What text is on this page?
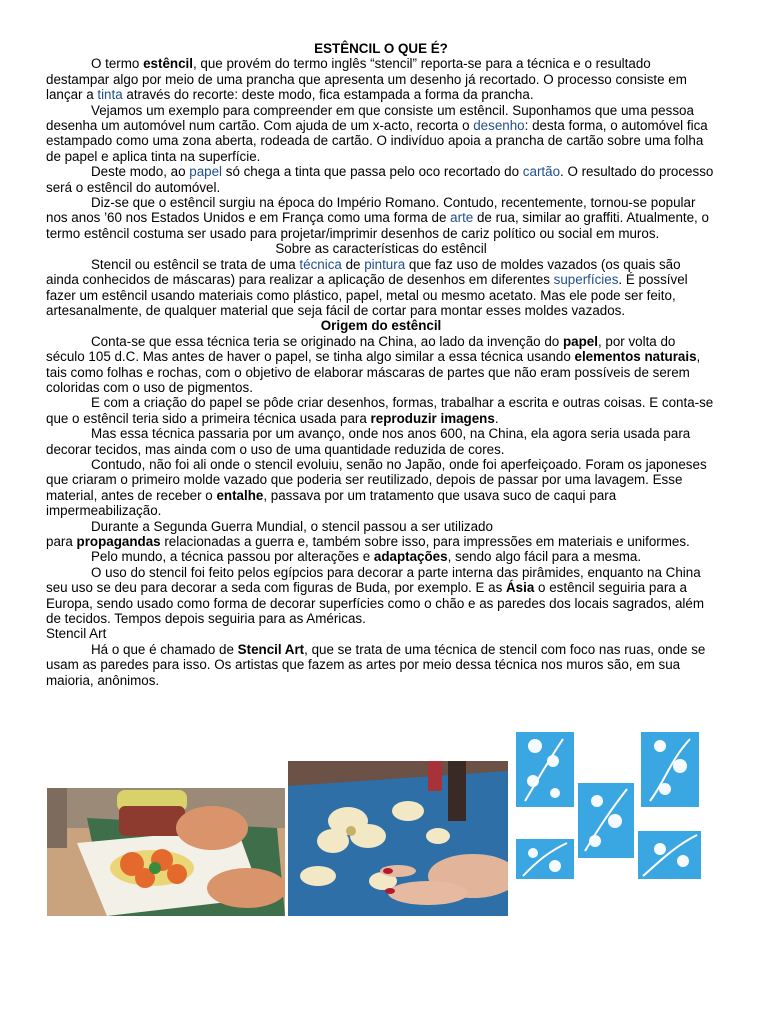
ESTÊNCIL O QUE É?

O termo estêncil, que provém do termo inglês “stencil” reporta-se para a técnica e o resultado destampar algo por meio de uma prancha que apresenta um desenho já recortado. O processo consiste em lançar a tinta através do recorte: deste modo, fica estampada a forma da prancha.

Vejamos um exemplo para compreender em que consiste um estêncil. Suponhamos que uma pessoa desenha um automóvel num cartão. Com ajuda de um x-acto, recorta o desenho: desta forma, o automóvel fica estampado como uma zona aberta, rodeada de cartão. O indivíduo apoia a prancha de cartão sobre uma folha de papel e aplica tinta na superfície.

Deste modo, ao papel só chega a tinta que passa pelo oco recortado do cartão. O resultado do processo será o estêncil do automóvel.

Diz-se que o estêncil surgiu na época do Império Romano. Contudo, recentemente, tornou-se popular nos anos ’60 nos Estados Unidos e em França como uma forma de arte de rua, similar ao graffiti. Atualmente, o termo estêncil costuma ser usado para projetar/imprimir desenhos de cariz político ou social em muros.

Sobre as características do estêncil

Stencil ou estêncil se trata de uma técnica de pintura que faz uso de moldes vazados (os quais são ainda conhecidos de máscaras) para realizar a aplicação de desenhos em diferentes superfícies. É possível fazer um estêncil usando materiais como plástico, papel, metal ou mesmo acetato. Mas ele pode ser feito, artesanalmente, de qualquer material que seja fácil de cortar para montar esses moldes vazados.

Origem do estêncil

Conta-se que essa técnica teria se originado na China, ao lado da invenção do papel, por volta do século 105 d.C. Mas antes de haver o papel, se tinha algo similar a essa técnica usando elementos naturais, tais como folhas e rochas, com o objetivo de elaborar máscaras de partes que não eram possíveis de serem coloridas com o uso de pigmentos.

E com a criação do papel se pôde criar desenhos, formas, trabalhar a escrita e outras coisas. E conta-se que o estêncil teria sido a primeira técnica usada para reproduzir imagens.

Mas essa técnica passaria por um avanço, onde nos anos 600, na China, ela agora seria usada para decorar tecidos, mas ainda com o uso de uma quantidade reduzida de cores.

Contudo, não foi ali onde o stencil evoluiu, senão no Japão, onde foi aperfeiçoado. Foram os japoneses que criaram o primeiro molde vazado que poderia ser reutilizado, depois de passar por uma lavagem. Esse material, antes de receber o entalhe, passava por um tratamento que usava suco de caqui para impermeabilização.

Durante a Segunda Guerra Mundial, o stencil passou a ser utilizado

para propagandas relacionadas a guerra e, também sobre isso, para impressões em materiais e uniformes.

Pelo mundo, a técnica passou por alterações e adaptações, sendo algo fácil para a mesma.

O uso do stencil foi feito pelos egípcios para decorar a parte interna das pirâmides, enquanto na China seu uso se deu para decorar a seda com figuras de Buda, por exemplo. E as Ásia o estêncil seguiria para a Europa, sendo usado como forma de decorar superfícies como o chão e as paredes dos locais sagrados, além de tecidos. Tempos depois seguiria para as Américas.

Stencil Art

Há o que é chamado de Stencil Art, que se trata de uma técnica de stencil com foco nas ruas, onde se usam as paredes para isso. Os artistas que fazem as artes por meio dessa técnica nos muros são, em sua maioria, anônimos.
